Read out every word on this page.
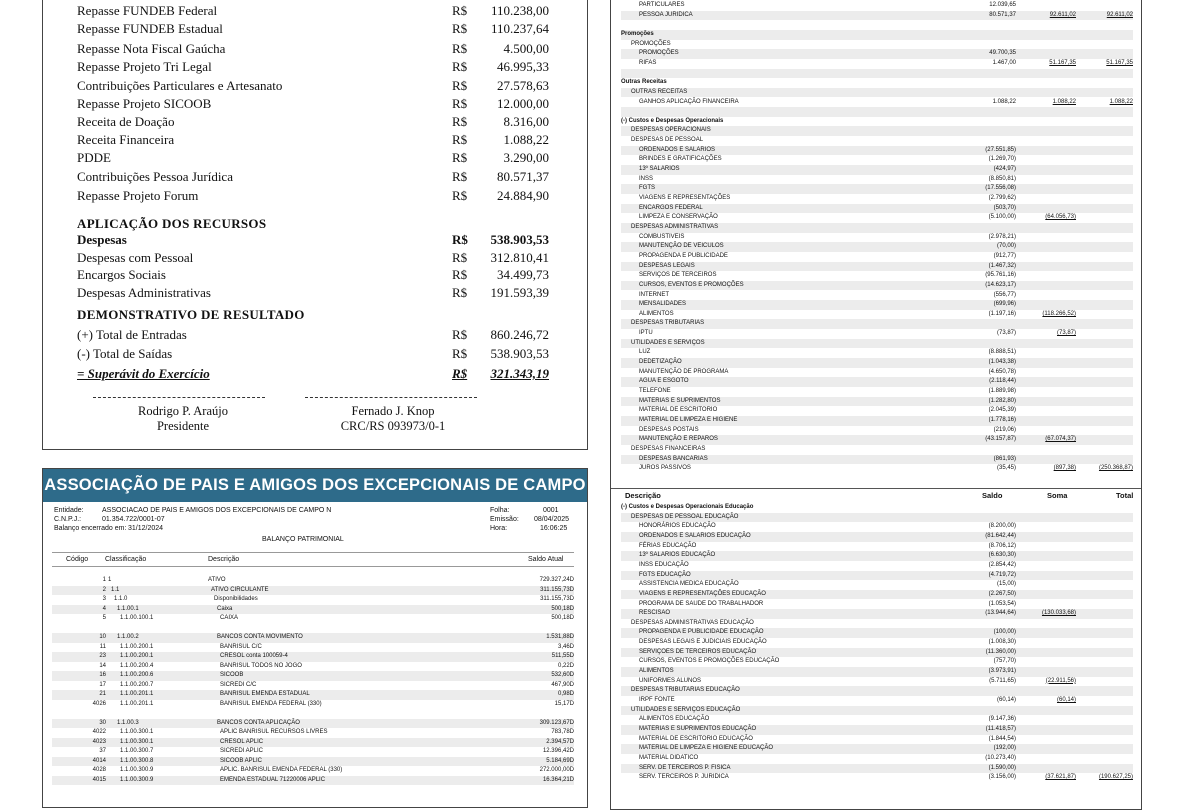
Repasse FUNDEB Federal	R$ 110.238,00
Repasse FUNDEB Estadual	R$ 110.237,64
Repasse Nota Fiscal Gaúcha	R$	4.500,00
Repasse Projeto Tri Legal	R$ 46.995,33
Contribuições Particulares e Artesanato	R$ 27.578,63
Repasse Projeto SICOOB	R$ 12.000,00
Receita de Doação	R$	8.316,00
Receita Financeira	R$	1.088,22
PDDE	R$	3.290,00
Contribuições Pessoa Jurídica	R$ 80.571,37
Repasse Projeto Forum	R$ 24.884,90
APLICAÇÃO DOS RECURSOS
Despesas	R$ 538.903,53
Despesas com Pessoal	R$ 312.810,41
Encargos Sociais	R$ 34.499,73
Despesas Administrativas	R$ 191.593,39
DEMONSTRATIVO DE RESULTADO
(+) Total de Entradas	R$ 860.246,72
(-) Total de Saídas	R$ 538.903,53
= Superávit do Exercício	R$ 321.343,19
Rodrigo P. Araújo
Presidente
Fernado J. Knop
CRC/RS 093973/0-1
ASSOCIAÇÃO DE PAIS E AMIGOS DOS EXCEPCIONAIS DE CAMPO NOVO
Entidade:	ASSOCIACAO DE PAIS E AMIGOS DOS EXCEPCIONAIS DE CAMPO N
C.N.P.J.:	01.354.722/0001-07
Balanço encerrado em: 31/12/2024
Folha:	0001
Emissão: 08/04/2025
Hora:	16:06:25
BALANÇO PATRIMONIAL
Código Classificação	Descrição	Saldo Atual
1 1	ATIVO	729.327,24D
2 1.1	ATIVO CIRCULANTE	311.155,73D
3 1.1.0	Disponibilidades	311.155,73D
4 1.1.00.1	Caixa	500,18D
5 1.1.00.100.1	CAIXA	500,18D
10 1.1.00.2	BANCOS CONTA MOVIMENTO	1.531,88D
11 1.1.00.200.1	BANRISUL C/C	3,46D
23 1.1.00.200.1	CRESOL conta 100059-4	511,55D
14 1.1.00.200.4	BANRISUL TODOS NO JOGO	0,22D
16 1.1.00.200.6	SICOOB	532,60D
17 1.1.00.200.7	SICREDI C/C	467,90D
21 1.1.00.201.1	BANRISUL EMENDA ESTADUAL	0,98D
4026 1.1.00.201.1	BANRISUL EMENDA FEDERAL (330)	15,17D
30 1.1.00.3	BANCOS CONTA APLICAÇÃO	309.123,67D
4022 1.1.00.300.1	APLIC BANRISUL RECURSOS LIVRES	783,78D
4023 1.1.00.300.1	CRESOL APLIC	2.394,57D
37 1.1.00.300.7	SICREDI APLIC	12.396,42D
4014 1.1.00.300.8	SICOOB APLIC	5.184,69D
4028 1.1.00.300.9	APLIC. BANRISUL EMENDA FEDERAL (330)	272.000,00D
4015 1.1.00.300.9	EMENDA ESTADUAL 71220006 APLIC	16.364,21D
PARTICULARES	12.039,65
PESSOA JURIDICA	80.571,37	92.611,02	92.611,02
Promoções
PROMOÇÕES
PROMOÇÕES	49.700,35
RIFAS	1.467,00	51.167,35	51.167,35
Outras Receitas
OUTRAS RECEITAS
GANHOS APLICAÇÃO FINANCEIRA	1.088,22	1.088,22	1.088,22
(-) Custos e Despesas Operacionais
DESPESAS OPERACIONAIS
DESPESAS DE PESSOAL
ORDENADOS E SALARIOS	(27.551,85)
BRINDES E GRATIFICAÇÕES	(1.269,70)
13º SALARIOS	(424,97)
INSS	(8.850,81)
FGTS	(17.556,08)
VIAGENS E REPRESENTAÇÕES	(2.799,62)
ENCARGOS FEDERAL	(503,70)
LIMPEZA E CONSERVAÇÃO	(5.100,00)	(64.056,73)
DESPESAS ADMINISTRATIVAS
COMBUSTIVEIS	(2.978,21)
MANUTENÇÃO DE VEICULOS	(70,00)
PROPAGENDA E PUBLICIDADE	(912,77)
DESPESAS LEGAIS	(1.467,32)
SERVIÇOS DE TERCEIROS	(95.761,16)
CURSOS, EVENTOS E PROMOÇÕES	(14.623,17)
INTERNET	(556,77)
MENSALIDADES	(699,96)
ALIMENTOS	(1.197,16)	(118.266,52)
DESPESAS TRIBUTARIAS
IPTU	(73,87)	(73,87)
UTILIDADES E SERVIÇOS
LUZ	(8.888,51)
DEDETIZAÇÃO	(1.043,38)
MANUTENÇÃO DE PROGRAMA	(4.650,78)
AGUA E ESGOTO	(2.118,44)
TELEFONE	(1.889,98)
MATERIAS E SUPRIMENTOS	(1.282,80)
MATERIAL DE ESCRITORIO	(2.045,39)
MATERIAL DE LIMPEZA E HIGIENE	(1.778,16)
DESPESAS POSTAIS	(219,06)
MANUTENÇÃO E REPAROS	(43.157,87)	(67.074,37)
DESPESAS FINANCEIRAS
DESPESAS BANCARIAS	(861,93)
JUROS PASSIVOS	(35,45)	(897,38)	(250.368,87)
Descrição	Saldo	Soma	Total
(-) Custos e Despesas Operacionais Educação
DESPESAS DE PESSOAL EDUCAÇÃO
HONORÁRIOS EDUCAÇÃO	(8.200,00)
ORDENADOS E SALARIOS EDUCAÇÃO	(81.642,44)
FÉRIAS EDUCAÇÃO	(8.706,12)
13º SALARIOS EDUCAÇÃO	(6.630,30)
INSS EDUCAÇÃO	(2.854,42)
FGTS EDUCAÇÃO	(4.719,72)
ASSISTENCIA MEDICA EDUCAÇÃO	(15,00)
VIAGENS E REPRESENTAÇÕES EDUCAÇÃO	(2.267,50)
PROGRAMA DE SAUDE DO TRABALHADOR	(1.053,54)
RESCISAO	(13.944,64)	(130.033,68)
DESPESAS ADMINISTRATIVAS EDUCAÇÃO
PROPAGENDA E PUBLICIDADE EDUCAÇÃO	(100,00)
DESPESAS LEGAIS E JUDICIAIS EDUCAÇÃO	(1.008,30)
SERVIÇOES DE TERCEIROS EDUCAÇÃO	(11.360,00)
CURSOS, EVENTOS E PROMOÇÕES EDUCAÇÃO	(757,70)
ALIMENTOS	(3.973,91)
UNIFORMES ALUNOS	(5.711,65)	(22.911,56)
DESPESAS TRIBUTARIAS EDUCAÇÃO
IRPF FONTE	(60,14)	(60,14)
UTILIDADES E SERVIÇOS EDUCAÇÃO
ALIMENTOS EDUCAÇÃO	(9.147,36)
MATERIAS E SUPRIMENTOS EDUCAÇÃO	(11.418,57)
MATERIAL DE ESCRITORIO EDUCAÇÃO	(1.844,54)
MATERIAL DE LIMPEZA E HIGIENE EDUCAÇÃO	(192,00)
MATERIAL DIDATICO	(10.273,40)
SERV. DE TERCEIROS P. FISICA	(1.590,00)
SERV. TERCEIROS P. JURIDICA	(3.156,00)	(37.621,87)	(190.627,25)
